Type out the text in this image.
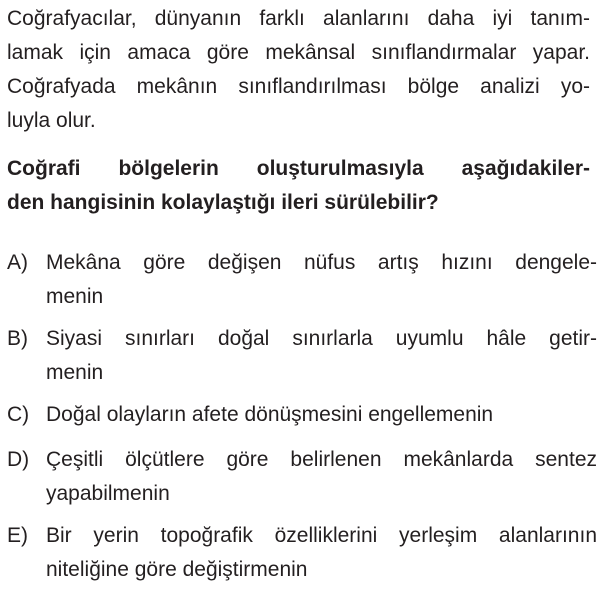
Coğrafyacılar, dünyanın farklı alanlarını daha iyi tanım-
lamak için amaca göre mekânsal sınıflandırmalar yapar.
Coğrafyada mekânın sınıflandırılması bölge analizi yo-
luyla olur.
Coğrafi bölgelerin oluşturulmasıyla aşağıdakiler-
den hangisinin kolaylaştığı ileri sürülebilir?
A) Mekâna göre değişen nüfus artış hızını dengele-
menin
B) Siyasi sınırları doğal sınırlarla uyumlu hâle getir-
menin
C) Doğal olayların afete dönüşmesini engellemenin
D) Çeşitli ölçütlere göre belirlenen mekânlarda sentez
yapabilmenin
E) Bir yerin topoğrafik özelliklerini yerleşim alanlarının
niteliğine göre değiştirmenin
